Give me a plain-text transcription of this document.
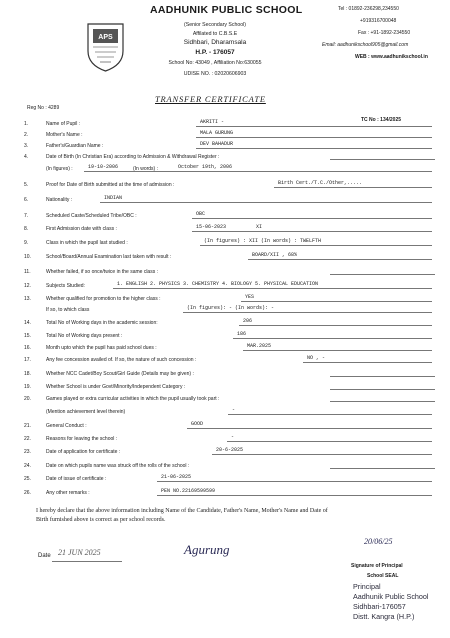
APS
AADHUNIK PUBLIC SCHOOL
(Senior Secondary School)
Affilated to C.B.S.E
Sidhbari, Dharamsala
H.P. - 176057
School No: 43049 , Affiliation No:630055
UDISE NO. : 02020606903
Tel : 01892-236298,234550
+919316700048
Fax : +91-1892-234550
Email: aadhunikschool905@gmail.com
WEB : www.aadhunikschool.in
TRANSFER CERTIFICATE
Reg No : 4289
TC No : 134/2025
1.	Name of Pupil :	AKRITI -
2.	Mother's Name :	MALA GURUNG
3.	Father's/Guardian Name :	DEV BAHADUR
4.	Date of Birth (In Christian Era) according to Admission & Withdrawal Register :
(In figures) :	(In words) :
19-10-2006	October 19th, 2006
5.	Proof for Date of Birth submitted at the time of admission :	Birth Cert./T.C./Other,.....
6.	Nationality :	INDIAN
7.	Scheduled Caste/Scheduled Tribe/OBC :	OBC
8.	First Admission date with class :	15-06-2023	XI
9.	Class in which the pupil last studied :	(In figures) : XII (In words) : TWELFTH
10.	School/Board/Annual Examination last taken with result :	BOARD/XII , 68%
11.	Whether failed, if so once/twice in the same class :
12.	Subjects Studied:	1. ENGLISH 2. PHYSICS 3. CHEMISTRY 4. BIOLOGY 5. PHYSICAL EDUCATION
13.	Whether qualified for promotion to the higher class :	YES
If so, to which class	(In figures): - (In words): -
14.	Total No of Working days in the academic session:	206
15.	Total No of Working days present :	186
16.	Month upto which the pupil has paid school dues :	MAR.2025
17.	Any fee concession availed of. If so, the nature of such concession :	NO , -
18.	Whether NCC Cadet/Boy Scout/Girl Guide (Details may be given) :
19.	Whether School is under Govt/Minority/Independent Category :
20.	Games played or extra curricular activities in which the pupil usually took part :
(Mention achievement level therein)	-
21.	General Conduct :	GOOD
22.	Reasons for leaving the school :	-
23.	Date of application for certificate :	20-6-2025
24.	Date on which pupils name was struck off the rolls of the school :
25.	Date of issue of certificate :	21-06-2025
26.	Any other remarks :	PEN NO.22169599599
I hereby declare that the above information including Name of the Candidate, Father's Name, Mother's Name and Date of
Birth furnished above is correct as per school records.
Date 21 JUN 2025	Agurung
20/06/25
Signature of Principal
School SEAL
Principal
Aadhunik Public School
Sidhbari-176057
Distt. Kangra (H.P.)
